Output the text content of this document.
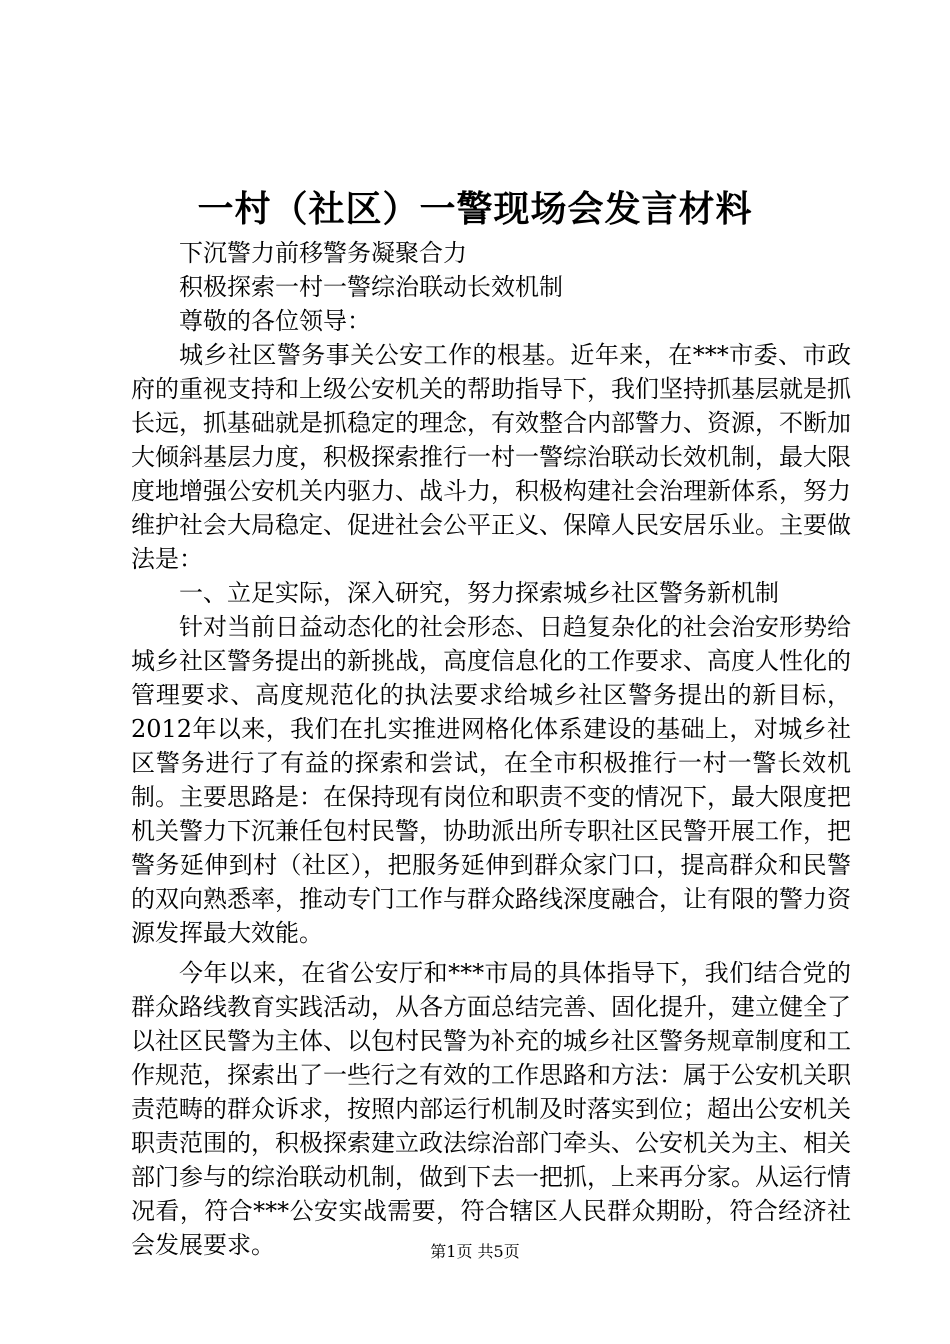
一村（社区）一警现场会发言材料

下沉警力前移警务凝聚合力

积极探索一村一警综治联动长效机制

尊敬的各位领导：

城乡社区警务事关公安工作的根基。近年来，在***市委、市政府的重视支持和上级公安机关的帮助指导下，我们坚持抓基层就是抓长远，抓基础就是抓稳定的理念，有效整合内部警力、资源，不断加大倾斜基层力度，积极探索推行一村一警综治联动长效机制，最大限度地增强公安机关内驱力、战斗力，积极构建社会治理新体系，努力维护社会大局稳定、促进社会公平正义、保障人民安居乐业。主要做法是：

一、立足实际，深入研究，努力探索城乡社区警务新机制

针对当前日益动态化的社会形态、日趋复杂化的社会治安形势给城乡社区警务提出的新挑战，高度信息化的工作要求、高度人性化的管理要求、高度规范化的执法要求给城乡社区警务提出的新目标，2012年以来，我们在扎实推进网格化体系建设的基础上，对城乡社区警务进行了有益的探索和尝试，在全市积极推行一村一警长效机制。主要思路是：在保持现有岗位和职责不变的情况下，最大限度把机关警力下沉兼任包村民警，协助派出所专职社区民警开展工作，把警务延伸到村（社区），把服务延伸到群众家门口，提高群众和民警的双向熟悉率，推动专门工作与群众路线深度融合，让有限的警力资源发挥最大效能。

今年以来，在省公安厅和***市局的具体指导下，我们结合党的群众路线教育实践活动，从各方面总结完善、固化提升，建立健全了以社区民警为主体、以包村民警为补充的城乡社区警务规章制度和工作规范，探索出了一些行之有效的工作思路和方法：属于公安机关职责范畴的群众诉求，按照内部运行机制及时落实到位；超出公安机关职责范围的，积极探索建立政法综治部门牵头、公安机关为主、相关部门参与的综治联动机制，做到下去一把抓，上来再分家。从运行情况看，符合***公安实战需要，符合辖区人民群众期盼，符合经济社会发展要求。	第1页 共5页
